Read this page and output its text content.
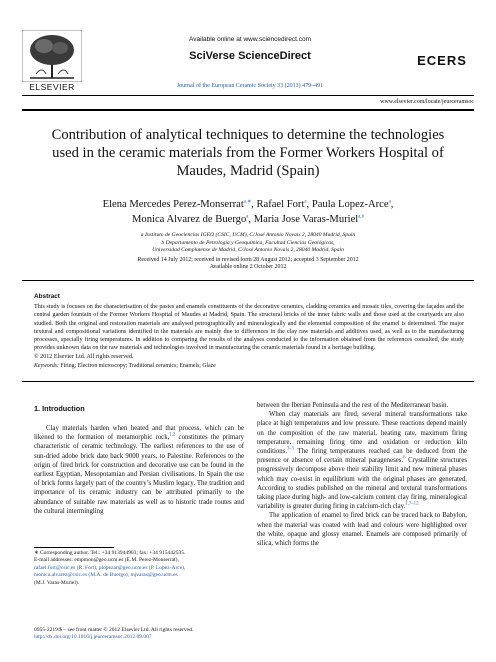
ELSEVIER
Available online at www.sciencedirect.com
SciVerse ScienceDirect
Journal of the European Ceramic Society 33 (2013) 479–491
ECERS
www.elsevier.com/locate/jeurceramsoc
Contribution of analytical techniques to determine the technologies used in the ceramic materials from the Former Workers Hospital of Maudes, Madrid (Spain)
Elena Mercedes Perez-Monserrat$^{a,∗}$, Rafael Fort$^a$, Paula Lopez-Arce$^a$,
Monica Alvarez de Buergo$^a$, Maria Jose Varas-Muriel$^{a,b}$
a Instituto de Geociencias IGEO (CSIC, UCM), C/José Antonio Novais 2, 28040 Madrid, Spain
b Departamento de Petrología y Geoquímica, Facultad Ciencias Geológicas,
Universidad Complutense de Madrid, C/José Antonio Novais 2, 28040 Madrid, Spain
Received 14 July 2012; received in revised form 28 August 2012; accepted 3 September 2012
Available online 2 October 2012
Abstract
This study is focuses on the characterisation of the pastes and enamels constituents of the decorative ceramics, cladding ceramics and mosaic tiles, covering the façades and the central garden fountain of the Former Workers Hospital of Maudes at Madrid, Spain. The structural bricks of the inner fabric walls and those used at the courtyards are also studied. Both the original and restoration materials are analysed petrographically and mineralogically and the elemental composition of the enamel is determined. The major textural and compositional variations identified in the materials are mainly due to differences in the clay raw materials and additives used, as well as to the manufacturing processes, specially firing temperatures. In addition to comparing the results of the analyses conducted to the information obtained from the references consulted, the study provides unknown data on the raw materials and technologies involved in manufacturing the ceramic materials found in a heritage building.
© 2012 Elsevier Ltd. All rights reserved.
Keywords: Firing; Electron microscopy; Traditional ceramics; Enamels; Glaze
1. Introduction

Clay materials harden when heated and that process, which can be likened to the formation of metamorphic rock,$^{1,2}$ constitutes the primary characteristic of ceramic technology. The earliest references to the use of sun-dried adobe brick date back 9000 years, to Palestine. References to the origin of fired brick for construction and decorative use can be found in the earliest Egyptian, Mesopotamian and Persian civilisations. In Spain the use of brick forms largely part of the country’s Muslim legacy. The tradition and importance of its ceramic industry can be attributed primarily to the abundance of suitable raw materials as well as to historic trade routes and the cultural intermingling

between the Iberian Peninsula and the rest of the Mediterranean basin.

When clay materials are fired, several mineral transformations take place at high temperatures and low pressure. These reactions depend mainly on the composition of the raw material, heating rate, maximum firing temperature, remaining firing time and oxidation or reduction kiln conditions.$^{3-5}$ The firing temperatures reached can be deduced from the presence or absence of certain mineral parageneses.$^6$ Crystalline structures progressively decompose above their stability limit and new mineral phases which may co-exist in equilibrium with the original phases are generated. According to studies published on the mineral and textural transformations taking place during high- and low-calcium content clay firing, mineralogical variability is greater during firing in calcium-rich clay.$^{1,7-12}$

The application of enamel to fired brick can be traced back to Babylon, when the material was coated with lead and colours were highlighted over the white, opaque and glossy enamel. Enamels are composed primarily of silica, which forms the

∗ Corresponding author. Tel.: +34 913944903; fax: +34 915442535.
E-mail addresses: empmon@geo.ucm.es (E.M. Perez-Monserrat),
rafael.fort@csic.es (R. Fort), plopezar@geo.ucm.es (P. Lopez-Arce),
monica.alvarez@csic.es (M.A. de Buergo), mjvaras@geo.ucm.es
(M.J. Varas-Muriel).
0955-2219/$ – see front matter © 2012 Elsevier Ltd. All rights reserved.
http://dx.doi.org/10.1016/j.jeurceramsoc.2012.09.007
